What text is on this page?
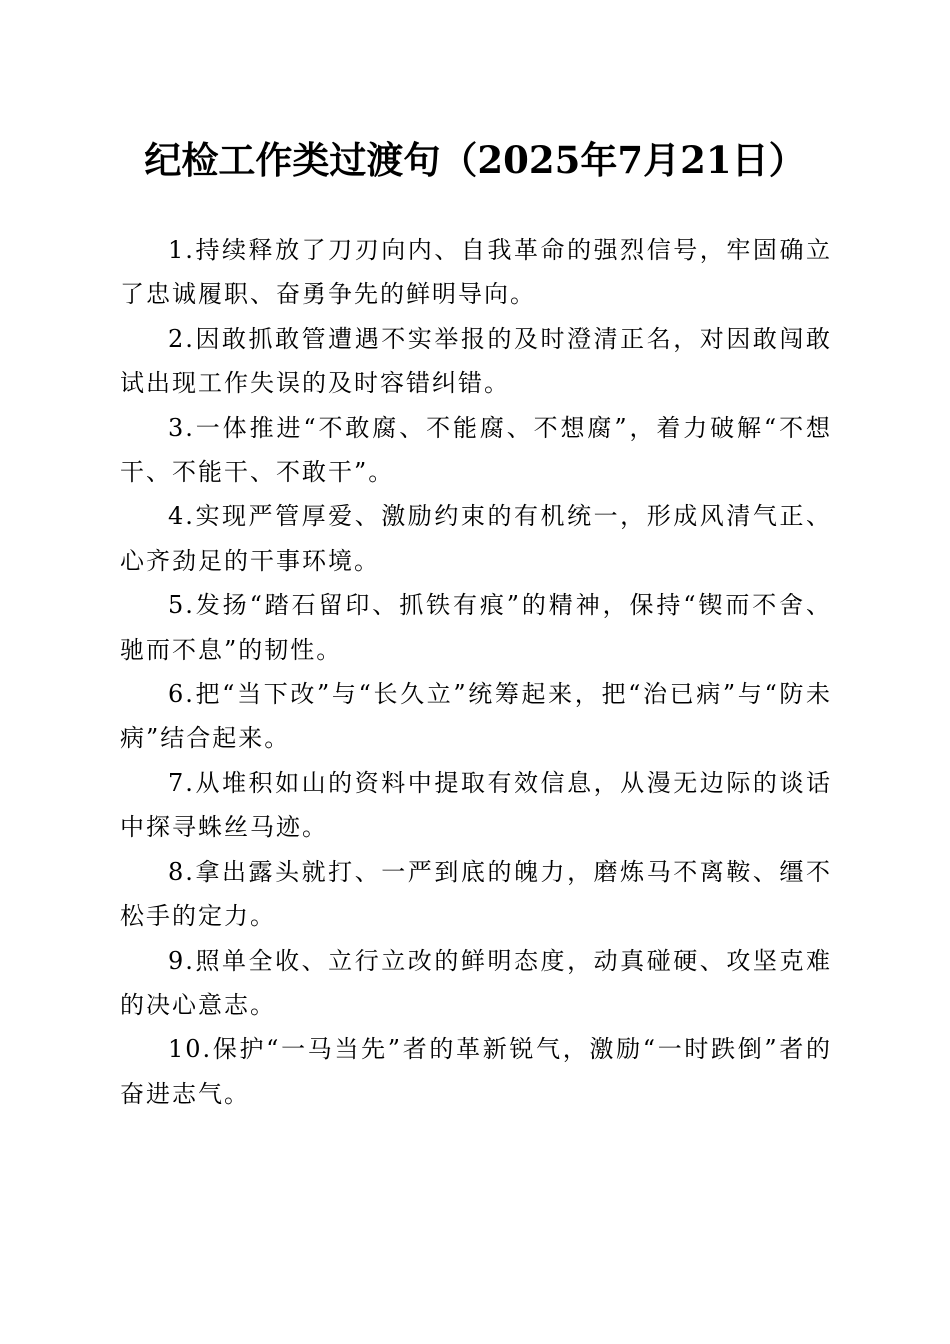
纪检工作类过渡句（2025年7月21日）

1.持续释放了刀刃向内、自我革命的强烈信号，牢固确立了忠诚履职、奋勇争先的鲜明导向。

2.因敢抓敢管遭遇不实举报的及时澄清正名，对因敢闯敢试出现工作失误的及时容错纠错。

3.一体推进“不敢腐、不能腐、不想腐”，着力破解“不想干、不能干、不敢干”。

4.实现严管厚爱、激励约束的有机统一，形成风清气正、心齐劲足的干事环境。

5.发扬“踏石留印、抓铁有痕”的精神，保持“锲而不舍、驰而不息”的韧性。

6.把“当下改”与“长久立”统筹起来，把“治已病”与“防未病”结合起来。

7.从堆积如山的资料中提取有效信息，从漫无边际的谈话中探寻蛛丝马迹。

8.拿出露头就打、一严到底的魄力，磨炼马不离鞍、缰不松手的定力。

9.照单全收、立行立改的鲜明态度，动真碰硬、攻坚克难的决心意志。

10.保护“一马当先”者的革新锐气，激励“一时跌倒”者的奋进志气。
